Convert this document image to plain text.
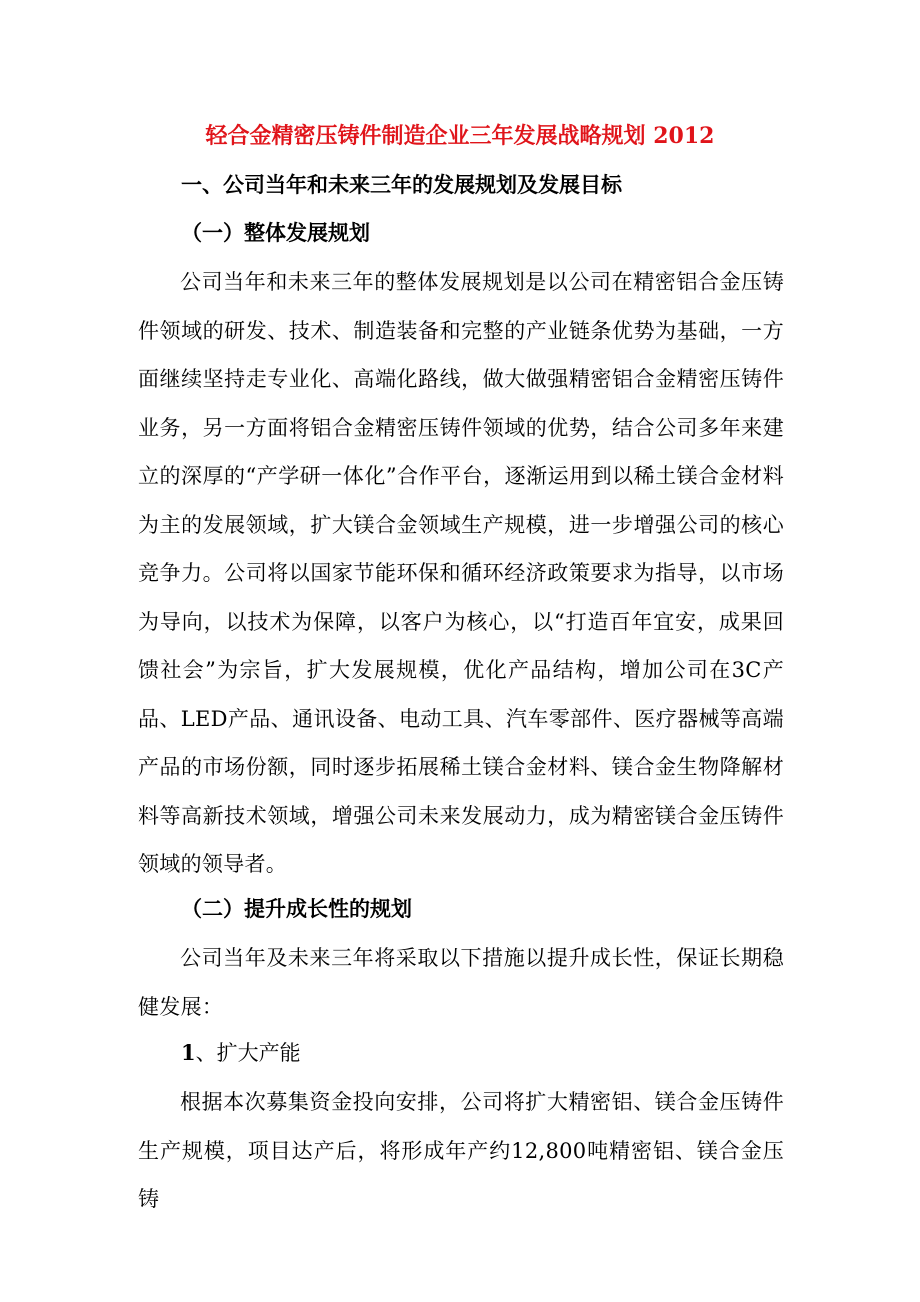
轻合金精密压铸件制造企业三年发展战略规划 2012
一、公司当年和未来三年的发展规划及发展目标
（一）整体发展规划

公司当年和未来三年的整体发展规划是以公司在精密铝合金压铸件领域的研发、技术、制造装备和完整的产业链条优势为基础，一方面继续坚持走专业化、高端化路线，做大做强精密铝合金精密压铸件业务，另一方面将铝合金精密压铸件领域的优势，结合公司多年来建立的深厚的“产学研一体化”合作平台，逐渐运用到以稀土镁合金材料为主的发展领域，扩大镁合金领域生产规模，进一步增强公司的核心竞争力。公司将以国家节能环保和循环经济政策要求为指导，以市场为导向，以技术为保障，以客户为核心，以“打造百年宜安，成果回馈社会”为宗旨，扩大发展规模，优化产品结构，增加公司在3C产品、LED产品、通讯设备、电动工具、汽车零部件、医疗器械等高端产品的市场份额，同时逐步拓展稀土镁合金材料、镁合金生物降解材料等高新技术领域，增强公司未来发展动力，成为精密镁合金压铸件领域的领导者。

（二）提升成长性的规划

公司当年及未来三年将采取以下措施以提升成长性，保证长期稳健发展：

1、扩大产能

根据本次募集资金投向安排，公司将扩大精密铝、镁合金压铸件生产规模，项目达产后，将形成年产约12,800吨精密铝、镁合金压铸
